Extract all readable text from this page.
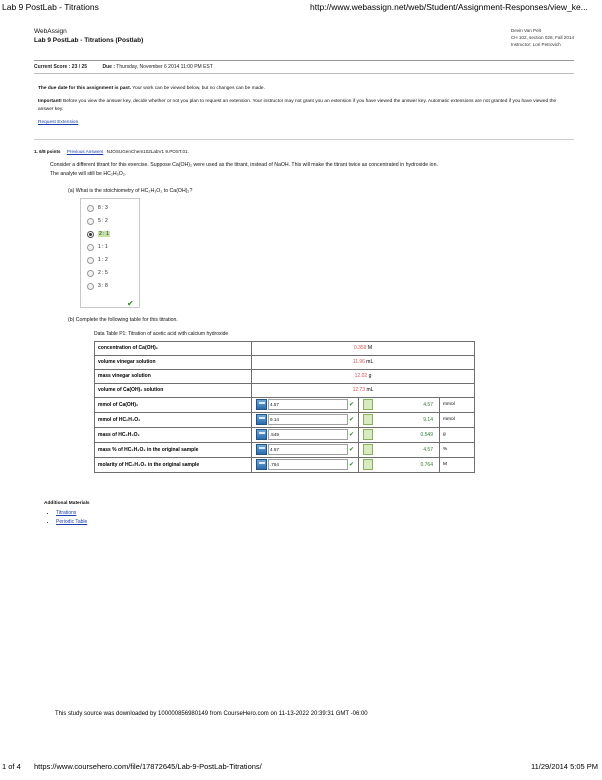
Lab 9 PostLab - Titrations	http://www.webassign.net/web/Student/Assignment-Responses/view_ke...
WebAssign
Lab 9 PostLab - Titrations (Postlab)
Devin Van Pelt
CH 102, section 028, Fall 2014
Instructor: Lori Petrovich
Current Score : 23 / 25	Due : Thursday, November 6 2014 11:00 PM EST

The due date for this assignment is past. Your work can be viewed below, but no changes can be made.

Important! Before you view the answer key, decide whether or not you plan to request an extension. Your instructor may not grant you an extension if you have viewed the answer key. Automatic extensions are not granted if you have viewed the answer key.

Request Extension

1. 6/8 points Previous Answers NJOSUGenChem102LabV1 9.POST.01.
Consider a different titrant for this exercise. Suppose Ca(OH)₂ were used as the titrant, instead of NaOH. This will make the titrant twice as concentrated in hydroxide ion.
The analyte will still be HC₂H₃O₂.
(a) What is the stoichiometry of HC₂H₃O₂ to Ca(OH)₂?
8 : 3
5 : 2
2 : 1
1 : 1
1 : 2
2 : 5
3 : 8
✔
(b) Complete the following table for this titration.
Data Table P1: Titration of acetic acid with calcium hydroxide
concentration of Ca(OH)₂	0.359 M		
volume vinegar solution	11.96 mL		
mass vinegar solution	12.02 g		
volume of Ca(OH)₂ solution	12.73 mL		
mmol of Ca(OH)₂	4.57 ✔	4.57	mmol
mmol of HC₂H₃O₂	9.14 ✔	9.14	mmol
mass of HC₂H₃O₂	.549 ✔	0.549	g
mass % of HC₂H₃O₂ in the original sample	4.57 ✔	4.57	%
molarity of HC₂H₃O₂ in the original sample	.764 ✔	0.764	M
Additional Materials
• Titrations
• Periodic Table
This study source was downloaded by 100000856980149 from CourseHero.com on 11-13-2022 20:39:31 GMT -06:00
1 of 4 https://www.coursehero.com/file/17872645/Lab-9-PostLab-Titrations/	11/29/2014 5:05 PM
